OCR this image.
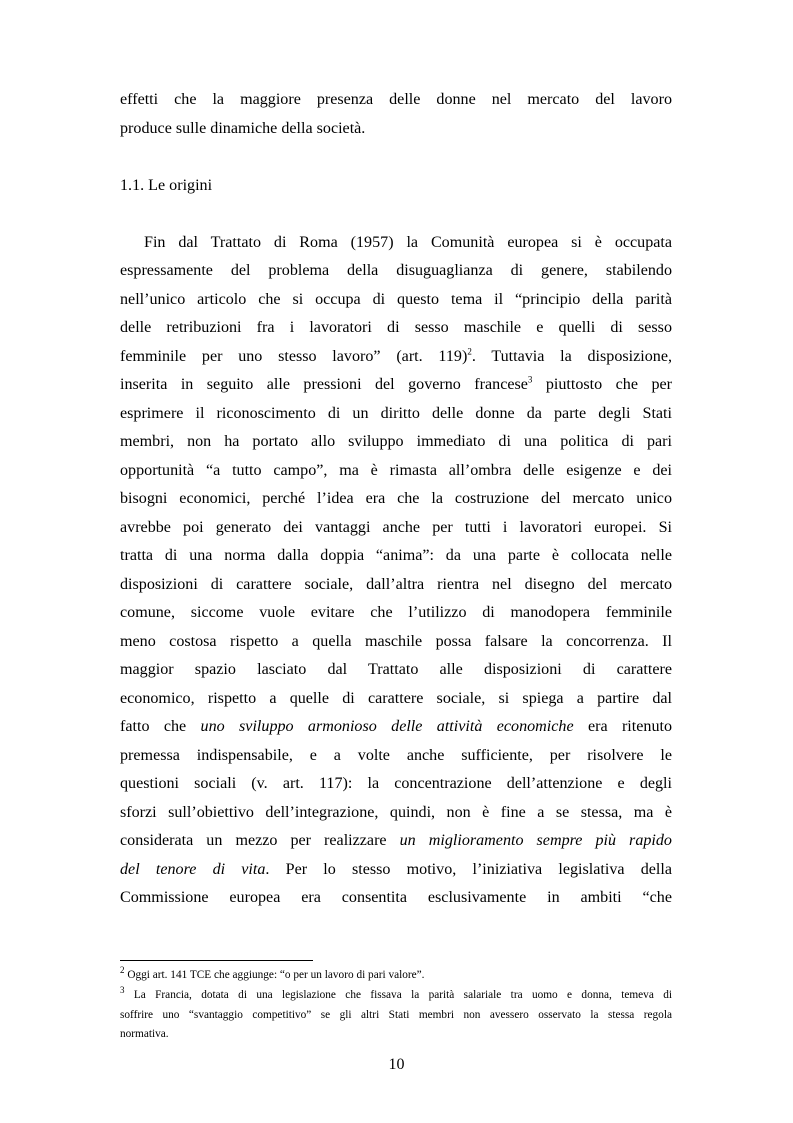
effetti che la maggiore presenza delle donne nel mercato del lavoro
produce sulle dinamiche della società.
1.1. Le origini
Fin dal Trattato di Roma (1957) la Comunità europea si è occupata
espressamente del problema della disuguaglianza di genere, stabilendo
nell’unico articolo che si occupa di questo tema il “principio della parità
delle retribuzioni fra i lavoratori di sesso maschile e quelli di sesso
femminile per uno stesso lavoro” (art. 119)$^2$. Tuttavia la disposizione,
inserita in seguito alle pressioni del governo francese$^3$ piuttosto che per
esprimere il riconoscimento di un diritto delle donne da parte degli Stati
membri, non ha portato allo sviluppo immediato di una politica di pari
opportunità “a tutto campo”, ma è rimasta all’ombra delle esigenze e dei
bisogni economici, perché l’idea era che la costruzione del mercato unico
avrebbe poi generato dei vantaggi anche per tutti i lavoratori europei. Si
tratta di una norma dalla doppia “anima”: da una parte è collocata nelle
disposizioni di carattere sociale, dall’altra rientra nel disegno del mercato
comune, siccome vuole evitare che l’utilizzo di manodopera femminile
meno costosa rispetto a quella maschile possa falsare la concorrenza. Il
maggior spazio lasciato dal Trattato alle disposizioni di carattere
economico, rispetto a quelle di carattere sociale, si spiega a partire dal
fatto che uno sviluppo armonioso delle attività economiche era ritenuto
premessa indispensabile, e a volte anche sufficiente, per risolvere le
questioni sociali (v. art. 117): la concentrazione dell’attenzione e degli
sforzi sull’obiettivo dell’integrazione, quindi, non è fine a se stessa, ma è
considerata un mezzo per realizzare un miglioramento sempre più rapido
del tenore di vita. Per lo stesso motivo, l’iniziativa legislativa della
Commissione europea era consentita esclusivamente in ambiti “che
$^2$ Oggi art. 141 TCE che aggiunge: “o per un lavoro di pari valore”.
$^3$ La Francia, dotata di una legislazione che fissava la parità salariale tra uomo e donna, temeva di
soffrire uno “svantaggio competitivo” se gli altri Stati membri non avessero osservato la stessa regola
normativa.
10
